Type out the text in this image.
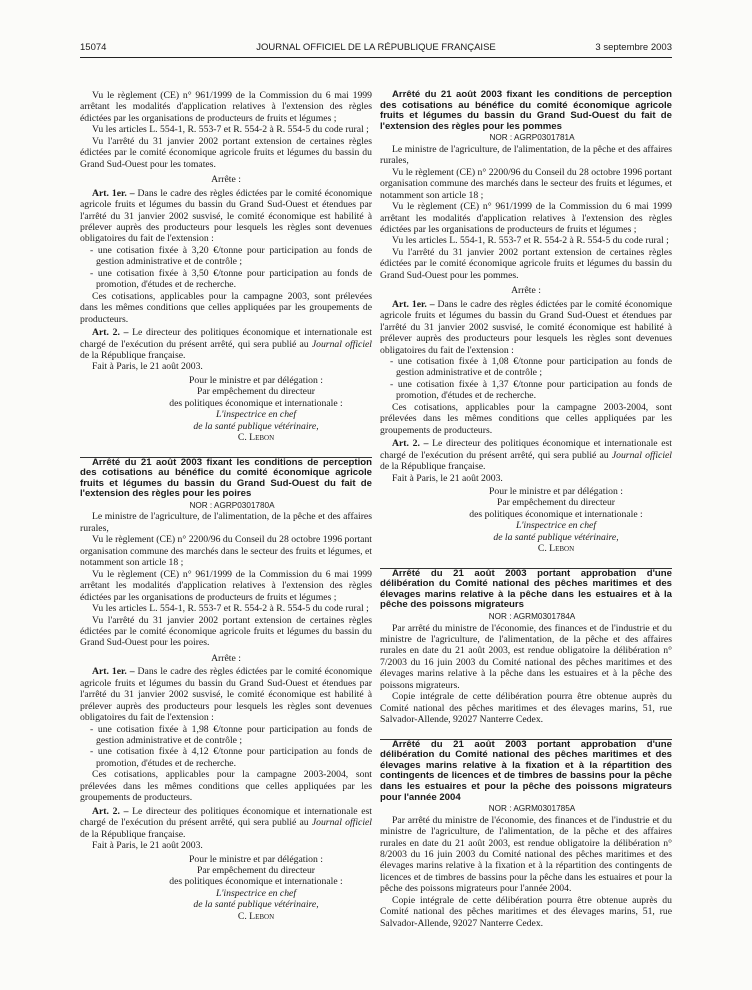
15074	JOURNAL OFFICIEL DE LA RÉPUBLIQUE FRANÇAISE	3 septembre 2003

Vu le règlement (CE) n° 961/1999 de la Commission du 6 mai 1999 arrêtant les modalités d'application relatives à l'extension des règles édictées par les organisations de producteurs de fruits et légumes ;

Vu les articles L. 554-1, R. 553-7 et R. 554-2 à R. 554-5 du code rural ;

Vu l'arrêté du 31 janvier 2002 portant extension de certaines règles édictées par le comité économique agricole fruits et légumes du bassin du Grand Sud-Ouest pour les tomates.

Arrête :

Art. 1er. – Dans le cadre des règles édictées par le comité économique agricole fruits et légumes du bassin du Grand Sud-Ouest et étendues par l'arrêté du 31 janvier 2002 susvisé, le comité économique est habilité à prélever auprès des producteurs pour lesquels les règles sont devenues obligatoires du fait de l'extension :

- une cotisation fixée à 3,20 €/tonne pour participation au fonds de gestion administrative et de contrôle ;
- une cotisation fixée à 3,50 €/tonne pour participation au fonds de promotion, d'études et de recherche.

Ces cotisations, applicables pour la campagne 2003, sont prélevées dans les mêmes conditions que celles appliquées par les groupements de producteurs.

Art. 2. – Le directeur des politiques économique et internationale est chargé de l'exécution du présent arrêté, qui sera publié au Journal officiel de la République française.

Fait à Paris, le 21 août 2003.

Pour le ministre et par délégation :
Par empêchement du directeur
des politiques économique et internationale :
L'inspectrice en chef
de la santé publique vétérinaire,
C. Lebon

Arrêté du 21 août 2003 fixant les conditions de perception des cotisations au bénéfice du comité économique agricole fruits et légumes du bassin du Grand Sud-Ouest du fait de l'extension des règles pour les poires

NOR : AGRP0301780A

Le ministre de l'agriculture, de l'alimentation, de la pêche et des affaires rurales,

Vu le règlement (CE) n° 2200/96 du Conseil du 28 octobre 1996 portant organisation commune des marchés dans le secteur des fruits et légumes, et notamment son article 18 ;

Vu le règlement (CE) n° 961/1999 de la Commission du 6 mai 1999 arrêtant les modalités d'application relatives à l'extension des règles édictées par les organisations de producteurs de fruits et légumes ;

Vu les articles L. 554-1, R. 553-7 et R. 554-2 à R. 554-5 du code rural ;

Vu l'arrêté du 31 janvier 2002 portant extension de certaines règles édictées par le comité économique agricole fruits et légumes du bassin du Grand Sud-Ouest pour les poires.

Arrête :

Art. 1er. – Dans le cadre des règles édictées par le comité économique agricole fruits et légumes du bassin du Grand Sud-Ouest et étendues par l'arrêté du 31 janvier 2002 susvisé, le comité économique est habilité à prélever auprès des producteurs pour lesquels les règles sont devenues obligatoires du fait de l'extension :

- une cotisation fixée à 1,98 €/tonne pour participation au fonds de gestion administrative et de contrôle ;
- une cotisation fixée à 4,12 €/tonne pour participation au fonds de promotion, d'études et de recherche.

Ces cotisations, applicables pour la campagne 2003-2004, sont prélevées dans les mêmes conditions que celles appliquées par les groupements de producteurs.

Art. 2. – Le directeur des politiques économique et internationale est chargé de l'exécution du présent arrêté, qui sera publié au Journal officiel de la République française.

Fait à Paris, le 21 août 2003.

Pour le ministre et par délégation :
Par empêchement du directeur
des politiques économique et internationale :
L'inspectrice en chef
de la santé publique vétérinaire,
C. Lebon

Arrêté du 21 août 2003 fixant les conditions de perception des cotisations au bénéfice du comité économique agricole fruits et légumes du bassin du Grand Sud-Ouest du fait de l'extension des règles pour les pommes

NOR : AGRP0301781A

Le ministre de l'agriculture, de l'alimentation, de la pêche et des affaires rurales,

Vu le règlement (CE) n° 2200/96 du Conseil du 28 octobre 1996 portant organisation commune des marchés dans le secteur des fruits et légumes, et notamment son article 18 ;

Vu le règlement (CE) n° 961/1999 de la Commission du 6 mai 1999 arrêtant les modalités d'application relatives à l'extension des règles édictées par les organisations de producteurs de fruits et légumes ;

Vu les articles L. 554-1, R. 553-7 et R. 554-2 à R. 554-5 du code rural ;

Vu l'arrêté du 31 janvier 2002 portant extension de certaines règles édictées par le comité économique agricole fruits et légumes du bassin du Grand Sud-Ouest pour les pommes.

Arrête :

Art. 1er. – Dans le cadre des règles édictées par le comité économique agricole fruits et légumes du bassin du Grand Sud-Ouest et étendues par l'arrêté du 31 janvier 2002 susvisé, le comité économique est habilité à prélever auprès des producteurs pour lesquels les règles sont devenues obligatoires du fait de l'extension :

- une cotisation fixée à 1,08 €/tonne pour participation au fonds de gestion administrative et de contrôle ;
- une cotisation fixée à 1,37 €/tonne pour participation au fonds de promotion, d'études et de recherche.

Ces cotisations, applicables pour la campagne 2003-2004, sont prélevées dans les mêmes conditions que celles appliquées par les groupements de producteurs.

Art. 2. – Le directeur des politiques économique et internationale est chargé de l'exécution du présent arrêté, qui sera publié au Journal officiel de la République française.

Fait à Paris, le 21 août 2003.

Pour le ministre et par délégation :
Par empêchement du directeur
des politiques économique et internationale :
L'inspectrice en chef
de la santé publique vétérinaire,
C. Lebon

Arrêté du 21 août 2003 portant approbation d'une délibération du Comité national des pêches maritimes et des élevages marins relative à la pêche dans les estuaires et à la pêche des poissons migrateurs

NOR : AGRM0301784A

Par arrêté du ministre de l'économie, des finances et de l'industrie et du ministre de l'agriculture, de l'alimentation, de la pêche et des affaires rurales en date du 21 août 2003, est rendue obligatoire la délibération n° 7/2003 du 16 juin 2003 du Comité national des pêches maritimes et des élevages marins relative à la pêche dans les estuaires et à la pêche des poissons migrateurs.

Copie intégrale de cette délibération pourra être obtenue auprès du Comité national des pêches maritimes et des élevages marins, 51, rue Salvador-Allende, 92027 Nanterre Cedex.

Arrêté du 21 août 2003 portant approbation d'une délibération du Comité national des pêches maritimes et des élevages marins relative à la fixation et à la répartition des contingents de licences et de timbres de bassins pour la pêche dans les estuaires et pour la pêche des poissons migrateurs pour l'année 2004

NOR : AGRM0301785A

Par arrêté du ministre de l'économie, des finances et de l'industrie et du ministre de l'agriculture, de l'alimentation, de la pêche et des affaires rurales en date du 21 août 2003, est rendue obligatoire la délibération n° 8/2003 du 16 juin 2003 du Comité national des pêches maritimes et des élevages marins relative à la fixation et à la répartition des contingents de licences et de timbres de bassins pour la pêche dans les estuaires et pour la pêche des poissons migrateurs pour l'année 2004.

Copie intégrale de cette délibération pourra être obtenue auprès du Comité national des pêches maritimes et des élevages marins, 51, rue Salvador-Allende, 92027 Nanterre Cedex.
